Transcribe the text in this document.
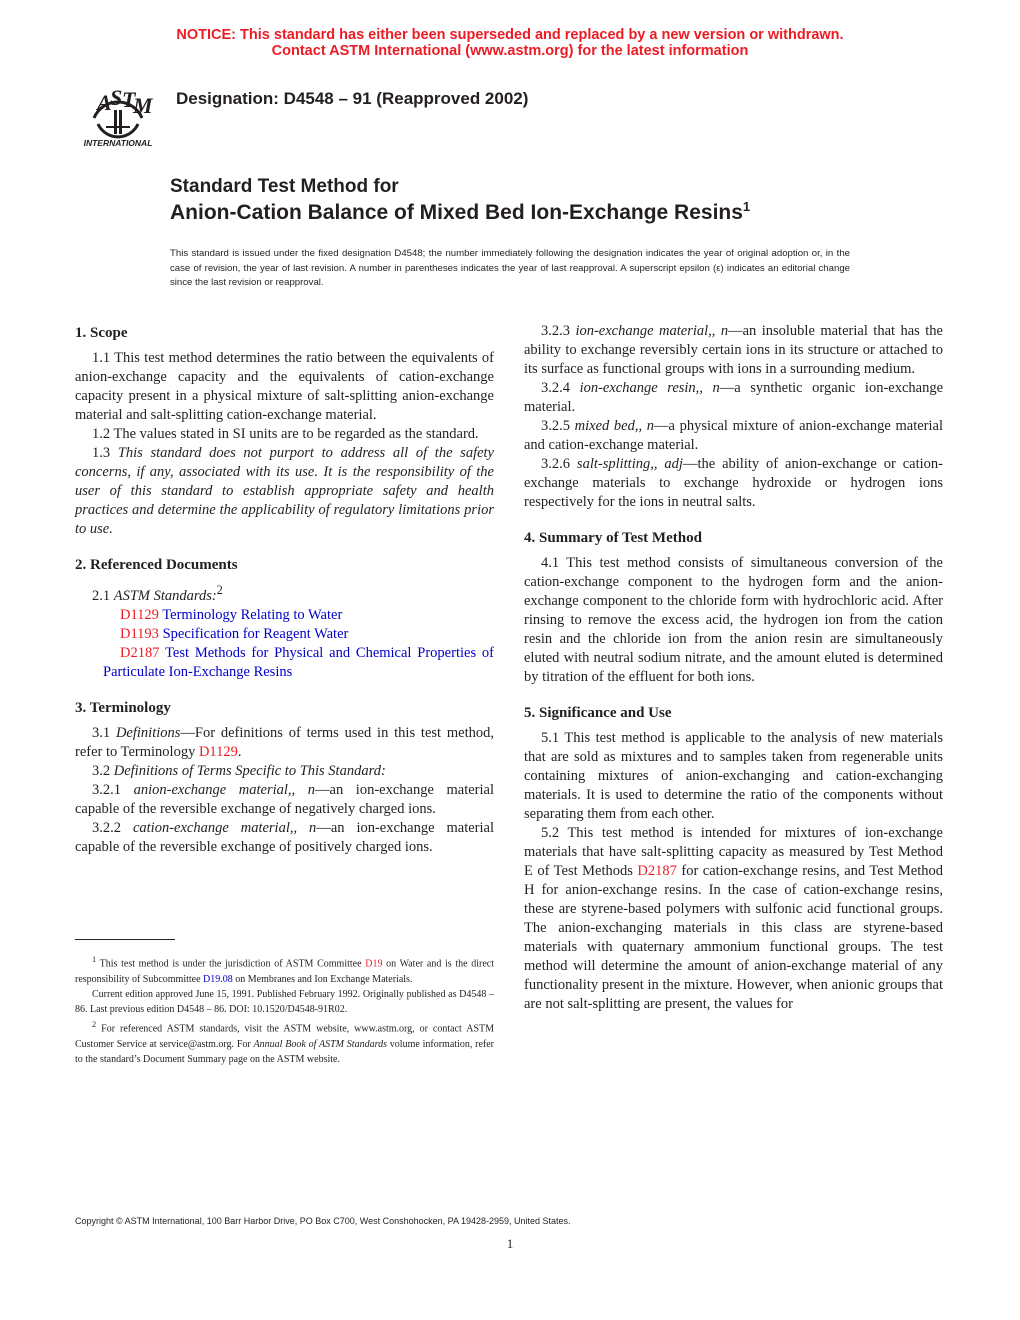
NOTICE: This standard has either been superseded and replaced by a new version or withdrawn.
Contact ASTM International (www.astm.org) for the latest information
A
S T
M
INTERNATIONAL
Designation: D4548 – 91 (Reapproved 2002)
Standard Test Method for
Anion-Cation Balance of Mixed Bed Ion-Exchange Resins$^1$
This standard is issued under the fixed designation D4548; the number immediately following the designation indicates the year of original adoption or, in the case of revision, the year of last revision. A number in parentheses indicates the year of last reapproval. A superscript epsilon (ε) indicates an editorial change since the last revision or reapproval.
1. Scope

1.1 This test method determines the ratio between the equivalents of anion-exchange capacity and the equivalents of cation-exchange capacity present in a physical mixture of salt-splitting anion-exchange material and salt-splitting cation-exchange material.

1.2 The values stated in SI units are to be regarded as the standard.

1.3 This standard does not purport to address all of the safety concerns, if any, associated with its use. It is the responsibility of the user of this standard to establish appropriate safety and health practices and determine the applicability of regulatory limitations prior to use.

2. Referenced Documents

2.1 ASTM Standards:$^2$

D1129 Terminology Relating to Water

D1193 Specification for Reagent Water

D2187 Test Methods for Physical and Chemical Properties of Particulate Ion-Exchange Resins

3. Terminology

3.1 Definitions—For definitions of terms used in this test method, refer to Terminology D1129.

3.2 Definitions of Terms Specific to This Standard:

3.2.1 anion-exchange material,, n—an ion-exchange material capable of the reversible exchange of negatively charged ions.

3.2.2 cation-exchange material,, n—an ion-exchange material capable of the reversible exchange of positively charged ions.

$^1$ This test method is under the jurisdiction of ASTM Committee D19 on Water and is the direct responsibility of Subcommittee D19.08 on Membranes and Ion Exchange Materials.

Current edition approved June 15, 1991. Published February 1992. Originally published as D4548 – 86. Last previous edition D4548 – 86. DOI: 10.1520/D4548-91R02.

$^2$ For referenced ASTM standards, visit the ASTM website, www.astm.org, or contact ASTM Customer Service at service@astm.org. For Annual Book of ASTM Standards volume information, refer to the standard’s Document Summary page on the ASTM website.

3.2.3 ion-exchange material,, n—an insoluble material that has the ability to exchange reversibly certain ions in its structure or attached to its surface as functional groups with ions in a surrounding medium.

3.2.4 ion-exchange resin,, n—a synthetic organic ion-exchange material.

3.2.5 mixed bed,, n—a physical mixture of anion-exchange material and cation-exchange material.

3.2.6 salt-splitting,, adj—the ability of anion-exchange or cation-exchange materials to exchange hydroxide or hydrogen ions respectively for the ions in neutral salts.

4. Summary of Test Method

4.1 This test method consists of simultaneous conversion of the cation-exchange component to the hydrogen form and the anion-exchange component to the chloride form with hydrochloric acid. After rinsing to remove the excess acid, the hydrogen ion from the cation resin and the chloride ion from the anion resin are simultaneously eluted with neutral sodium nitrate, and the amount eluted is determined by titration of the effluent for both ions.

5. Significance and Use

5.1 This test method is applicable to the analysis of new materials that are sold as mixtures and to samples taken from regenerable units containing mixtures of anion-exchanging and cation-exchanging materials. It is used to determine the ratio of the components without separating them from each other.

5.2 This test method is intended for mixtures of ion-exchange materials that have salt-splitting capacity as measured by Test Method E of Test Methods D2187 for cation-exchange resins, and Test Method H for anion-exchange resins. In the case of cation-exchange resins, these are styrene-based polymers with sulfonic acid functional groups. The anion-exchanging materials in this class are styrene-based materials with quaternary ammonium functional groups. The test method will determine the amount of anion-exchange material of any functionality present in the mixture. However, when anionic groups that are not salt-splitting are present, the values for

Copyright © ASTM International, 100 Barr Harbor Drive, PO Box C700, West Conshohocken, PA 19428-2959, United States.
1
